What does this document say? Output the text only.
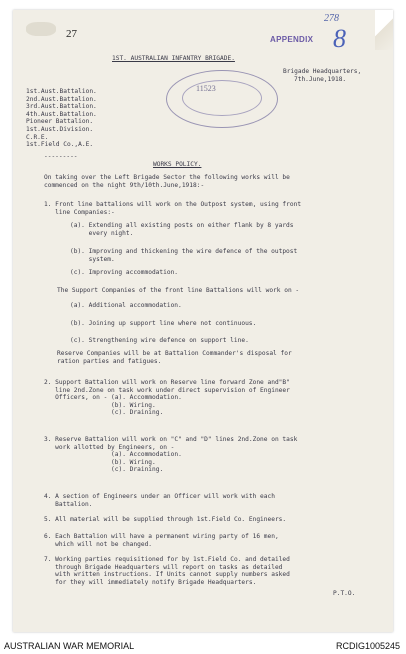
27
278
APPENDIX 8
11523
1ST. AUSTRALIAN INFANTRY BRIGADE.
Brigade Headquarters,
7th.June,1918.
1st.Aust.Battalion.
2nd.Aust.Battalion.
3rd.Aust.Battalion.
4th.Aust.Battalion.
Pioneer Battalion.
1st.Aust.Division.
C.R.E.
1st.Field Co.,A.E.
---------
WORKS POLICY.
On taking over the Left Brigade Sector the following works will be
commenced on the night 9th/10th.June,1918:-
1. Front line battalions will work on the Outpost system, using front
line Companies:-
(a). Extending all existing posts on either flank by 8 yards
every night.
(b). Improving and thickening the wire defence of the outpost
system.
(c). Improving accommodation.
The Support Companies of the front line Battalions will work on -
(a). Additional accommodation.
(b). Joining up support line where not continuous.
(c). Strengthening wire defence on support line.
Reserve Companies will be at Battalion Commander's disposal for
ration parties and fatigues.
2. Support Battalion will work on Reserve line forward Zone and"B"
line 2nd.Zone on task work under direct supervision of Engineer
Officers, on - (a). Accommodation.
(b). Wiring.
(c). Draining.
3. Reserve Battalion will work on "C" and "D" lines 2nd.Zone on task
work allotted by Engineers, on -
(a). Accommodation.
(b). Wiring.
(c). Draining.
4. A section of Engineers under an Officer will work with each
Battalion.
5. All material will be supplied through 1st.Field Co. Engineers.
6. Each Battalion will have a permanent wiring party of 16 men,
which will not be changed.
7. Working parties requisitioned for by 1st.Field Co. and detailed
through Brigade Headquarters will report on tasks as detailed
with written instructions. If Units cannot supply numbers asked
for they will immediately notify Brigade Headquarters.
P.T.O.
AUSTRALIAN WAR MEMORIAL	RCDIG1005245
